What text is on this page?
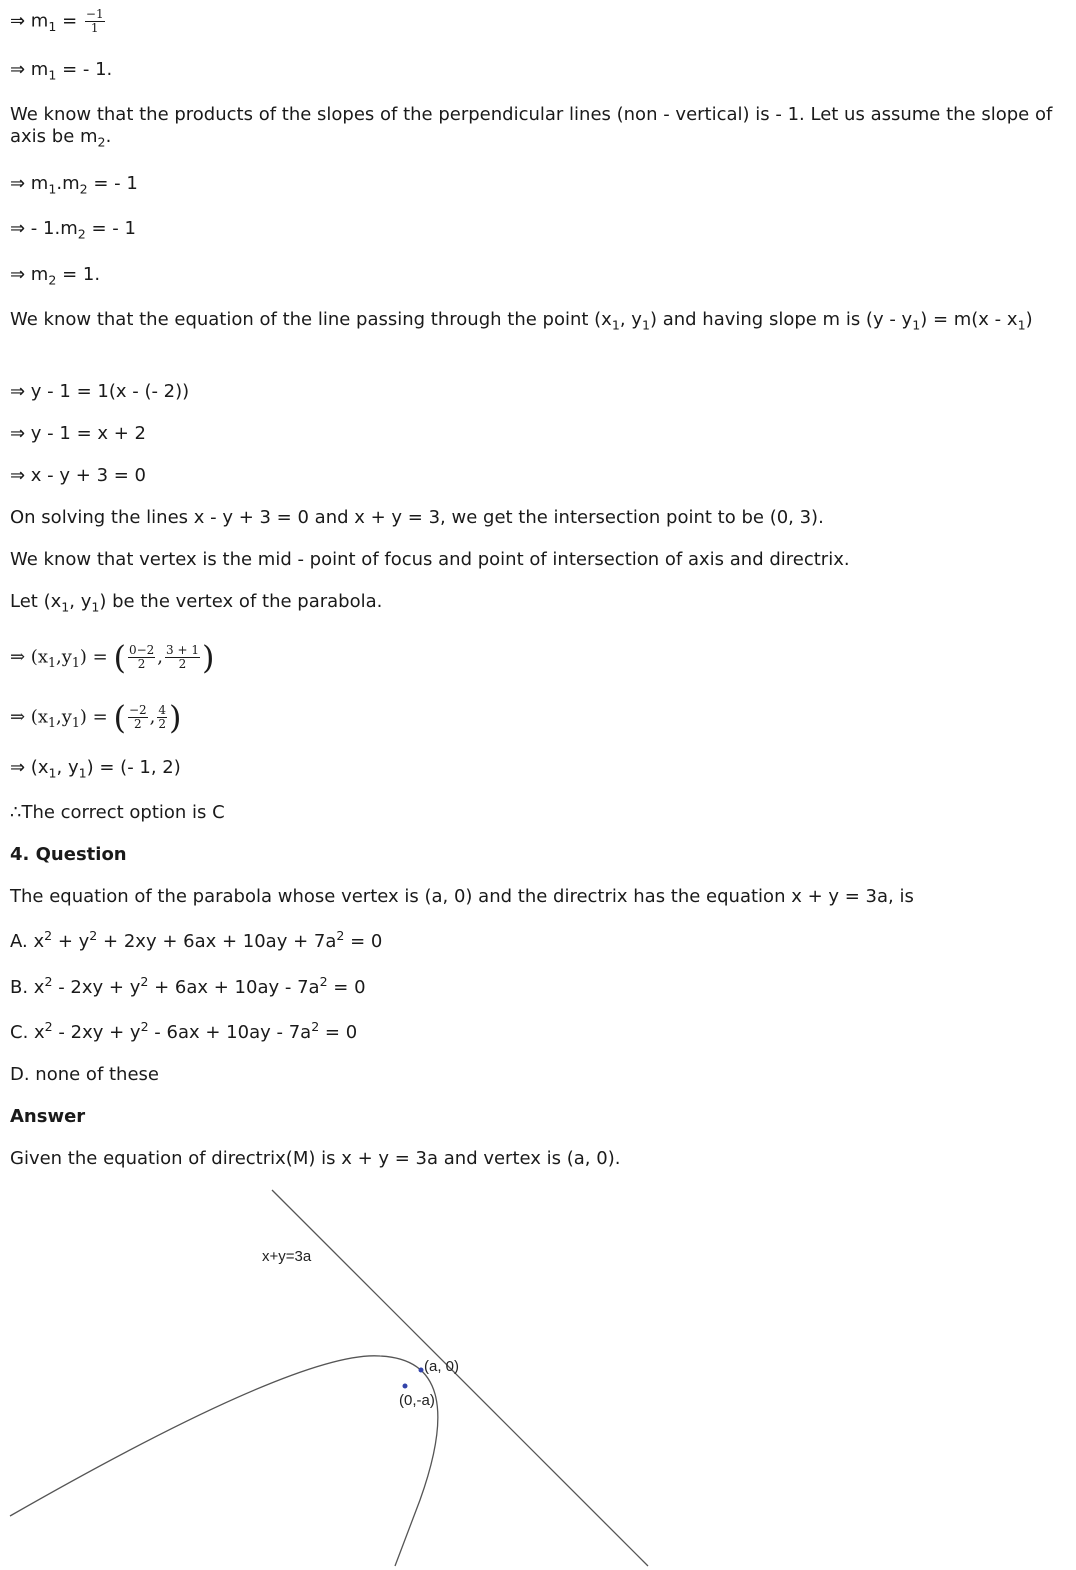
⇒ $m_1 = \frac{-1}{1}$
⇒ $m_1$ = - 1.
We know that the products of the slopes of the perpendicular lines (non - vertical) is - 1. Let us assume the slope of axis be $m_2$.
⇒ $m_1.m_2$ = - 1
⇒ - $1.m_2$ = - 1
⇒ $m_2 = 1$.
We know that the equation of the line passing through the point ($x_1$, $y_1$) and having slope m is $(y - y_1) = m(x - x_1)$
⇒ y - 1 = 1(x - (- 2))
⇒ y - 1 = x + 2
⇒ x - y + 3 = 0
On solving the lines x - y + 3 = 0 and x + y = 3, we get the intersection point to be (0, 3).
We know that vertex is the mid - point of focus and point of intersection of axis and directrix.
Let ($x_1$, $y_1$) be the vertex of the parabola.
⇒ $(x_1,y_1)$ = ( $\frac{0-2}{2}$ , $\frac{3 + 1}{2}$ )
⇒ $(x_1,y_1)$ = ( $\frac{-2}{2}$ , $\frac{4}{2}$ )
⇒ ($x_1$, $y_1$) = (- 1, 2)
∴The correct option is C
4. Question
The equation of the parabola whose vertex is (a, 0) and the directrix has the equation x + y = 3a, is
A. $x^2 + y^2 + 2xy + 6ax + 10ay + 7a^2 = 0$
B. $x^2 - 2xy + y^2 + 6ax + 10ay - 7a^2 = 0$
C. $x^2 - 2xy + y^2 - 6ax + 10ay - 7a^2 = 0$
D. none of these
Answer
Given the equation of directrix(M) is x + y = 3a and vertex is (a, 0).
x+y=3a
(a, 0)
(0,-a)
